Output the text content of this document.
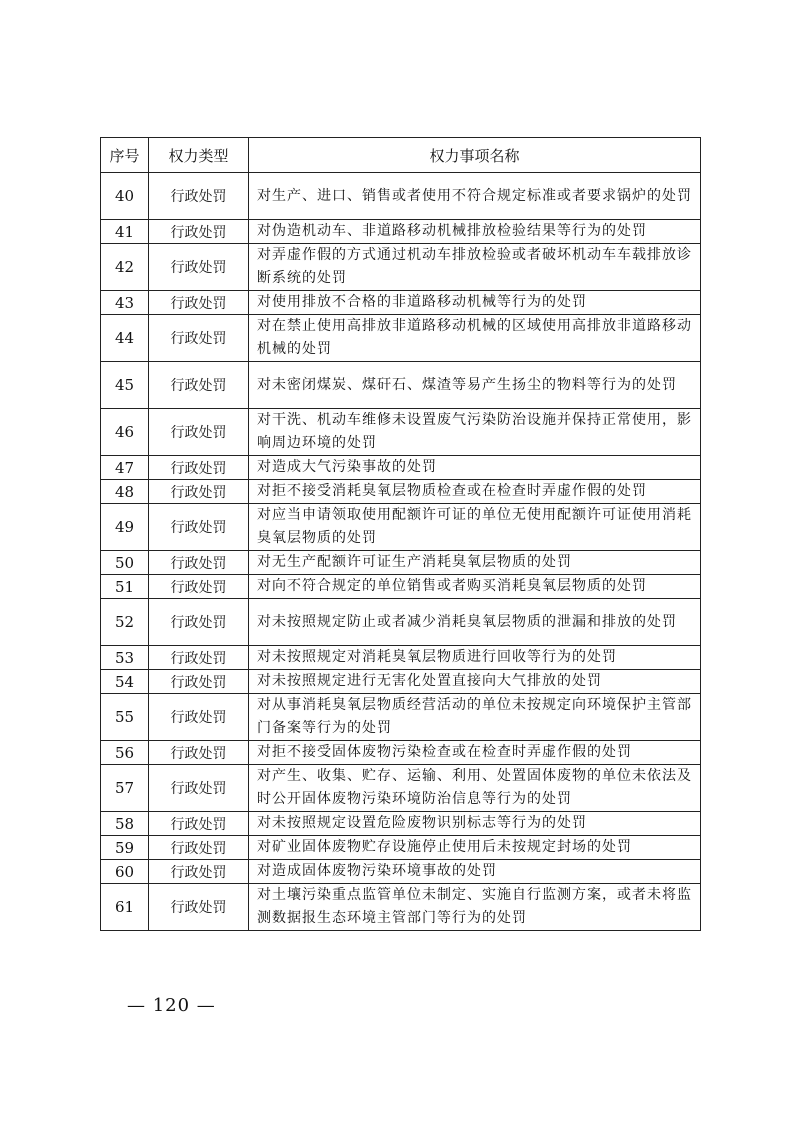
序号	权力类型	权力事项名称
40	行政处罚	对生产、进口、销售或者使用不符合规定标准或者要求锅炉的处罚
41	行政处罚	对伪造机动车、非道路移动机械排放检验结果等行为的处罚
42	行政处罚	对弄虚作假的方式通过机动车排放检验或者破坏机动车车载排放诊断系统的处罚
43	行政处罚	对使用排放不合格的非道路移动机械等行为的处罚
44	行政处罚	对在禁止使用高排放非道路移动机械的区域使用高排放非道路移动机械的处罚
45	行政处罚	对未密闭煤炭、煤矸石、煤渣等易产生扬尘的物料等行为的处罚
46	行政处罚	对干洗、机动车维修未设置废气污染防治设施并保持正常使用，影响周边环境的处罚
47	行政处罚	对造成大气污染事故的处罚
48	行政处罚	对拒不接受消耗臭氧层物质检查或在检查时弄虚作假的处罚
49	行政处罚	对应当申请领取使用配额许可证的单位无使用配额许可证使用消耗臭氧层物质的处罚
50	行政处罚	对无生产配额许可证生产消耗臭氧层物质的处罚
51	行政处罚	对向不符合规定的单位销售或者购买消耗臭氧层物质的处罚
52	行政处罚	对未按照规定防止或者减少消耗臭氧层物质的泄漏和排放的处罚
53	行政处罚	对未按照规定对消耗臭氧层物质进行回收等行为的处罚
54	行政处罚	对未按照规定进行无害化处置直接向大气排放的处罚
55	行政处罚	对从事消耗臭氧层物质经营活动的单位未按规定向环境保护主管部门备案等行为的处罚
56	行政处罚	对拒不接受固体废物污染检查或在检查时弄虚作假的处罚
57	行政处罚	对产生、收集、贮存、运输、利用、处置固体废物的单位未依法及时公开固体废物污染环境防治信息等行为的处罚
58	行政处罚	对未按照规定设置危险废物识别标志等行为的处罚
59	行政处罚	对矿业固体废物贮存设施停止使用后未按规定封场的处罚
60	行政处罚	对造成固体废物污染环境事故的处罚
61	行政处罚	对土壤污染重点监管单位未制定、实施自行监测方案，或者未将监测数据报生态环境主管部门等行为的处罚
— 120 —
